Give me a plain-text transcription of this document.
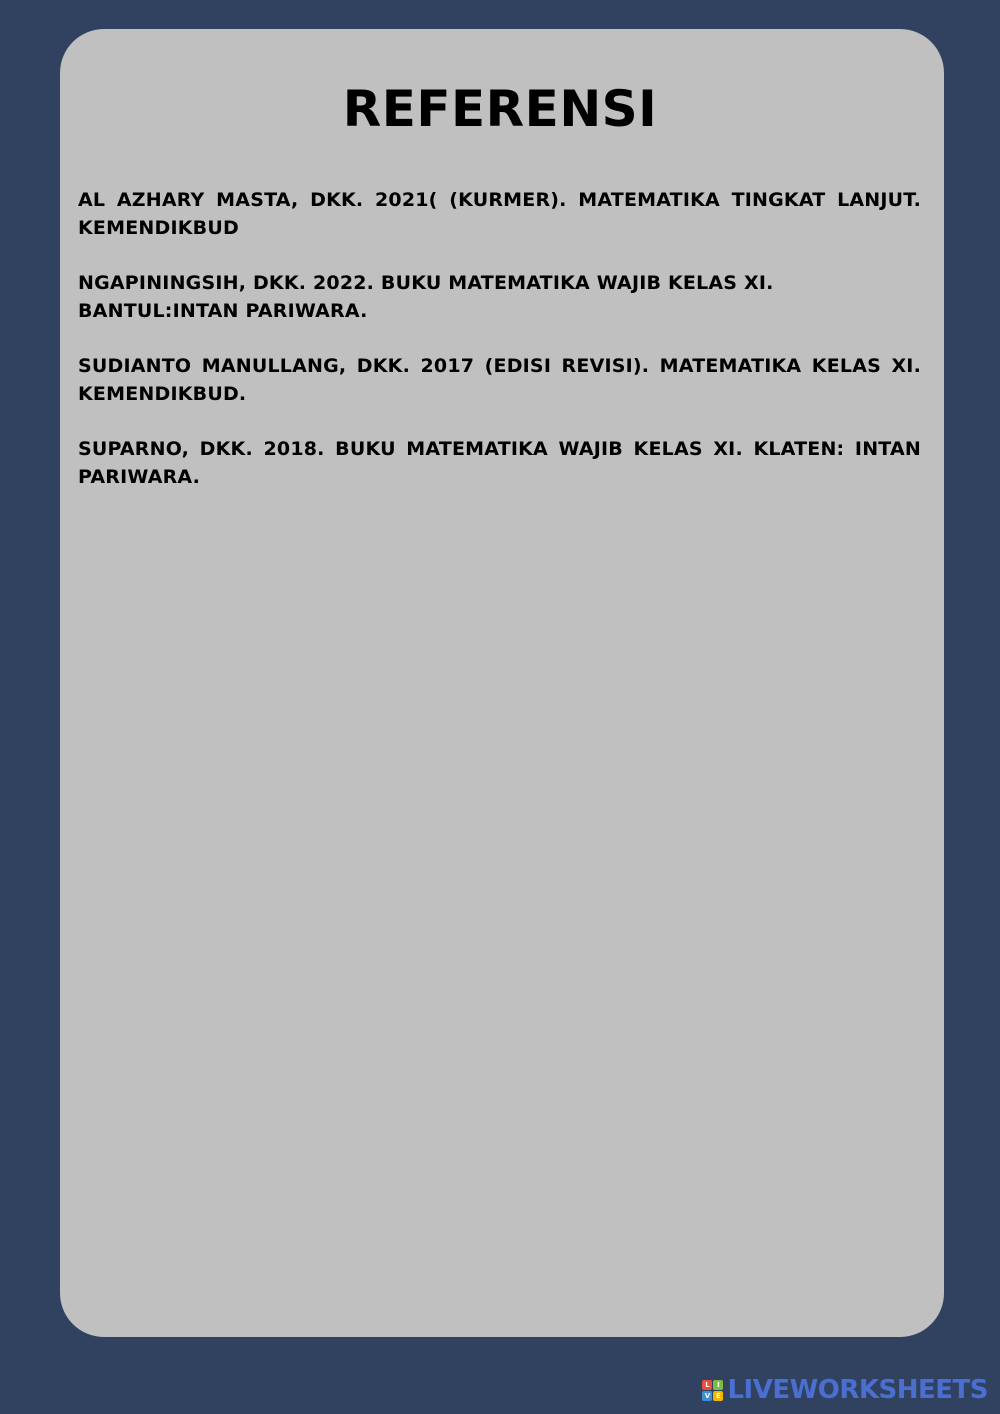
REFERENSI
AL AZHARY MASTA, DKK. 2021( (KURMER). MATEMATIKA TINGKAT LANJUT. KEMENDIKBUD
NGAPININGSIH, DKK. 2022. BUKU MATEMATIKA WAJIB KELAS XI. BANTUL:INTAN PARIWARA.
SUDIANTO MANULLANG, DKK. 2017 (EDISI REVISI). MATEMATIKA KELAS XI. KEMENDIKBUD.
SUPARNO, DKK. 2018. BUKU MATEMATIKA WAJIB KELAS XI. KLATEN: INTAN PARIWARA.
L	I
V E LIVEWORKSHEETS
